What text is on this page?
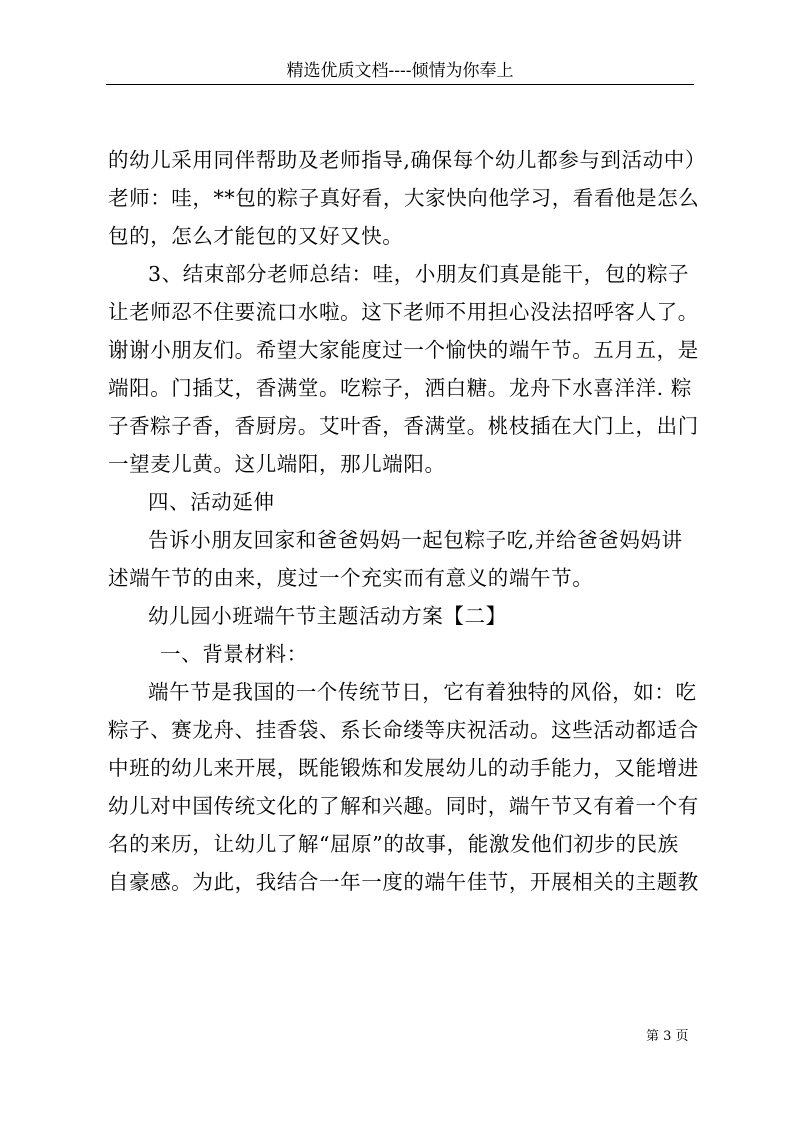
精选优质文档----倾情为你奉上
的幼儿采用同伴帮助及老师指导,确保每个幼儿都参与到活动中）
老师：哇，**包的粽子真好看，大家快向他学习，看看他是怎么
包的，怎么才能包的又好又快。
3、结束部分老师总结：哇，小朋友们真是能干，包的粽子
让老师忍不住要流口水啦。这下老师不用担心没法招呼客人了。
谢谢小朋友们。希望大家能度过一个愉快的端午节。五月五，是
端阳。门插艾，香满堂。吃粽子，洒白糖。龙舟下水喜洋洋. 粽
子香粽子香，香厨房。艾叶香，香满堂。桃枝插在大门上，出门
一望麦儿黄。这儿端阳，那儿端阳。
四、活动延伸
告诉小朋友回家和爸爸妈妈一起包粽子吃,并给爸爸妈妈讲
述端午节的由来，度过一个充实而有意义的端午节。
幼儿园小班端午节主题活动方案【二】
一、背景材料：
端午节是我国的一个传统节日，它有着独特的风俗，如：吃
粽子、赛龙舟、挂香袋、系长命缕等庆祝活动。这些活动都适合
中班的幼儿来开展，既能锻炼和发展幼儿的动手能力，又能增进
幼儿对中国传统文化的了解和兴趣。同时，端午节又有着一个有
名的来历，让幼儿了解“屈原”的故事，能激发他们初步的民族
自豪感。为此，我结合一年一度的端午佳节，开展相关的主题教
第 3 页
